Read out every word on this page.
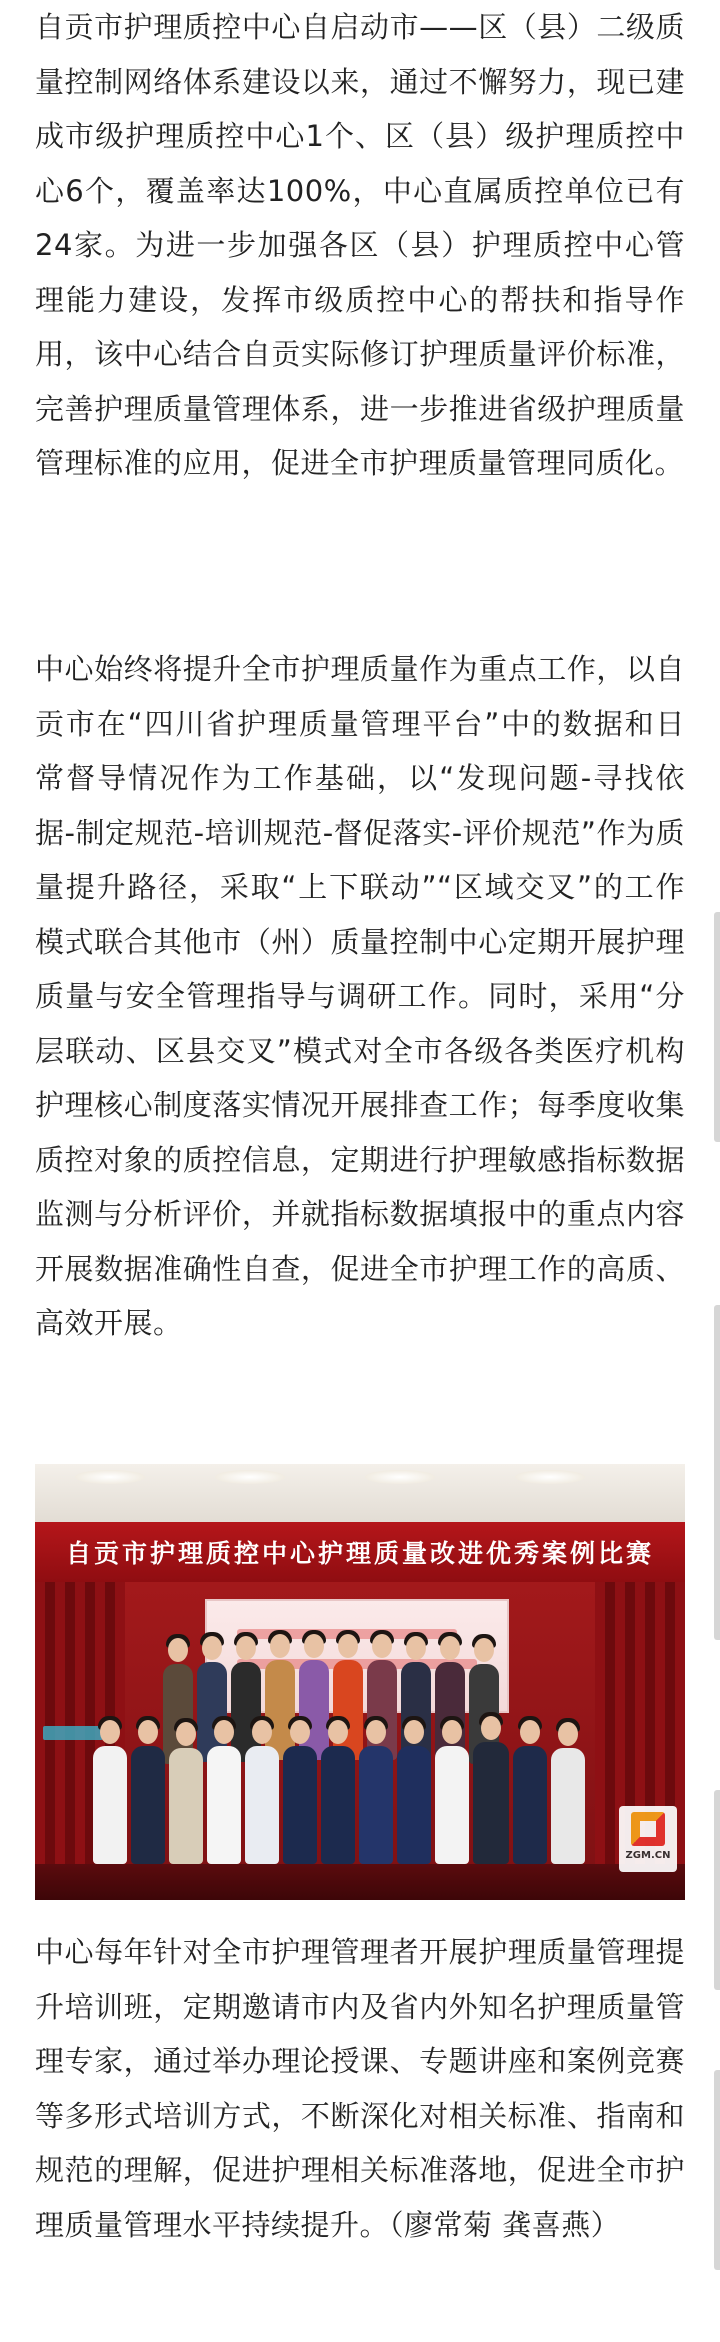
自贡市护理质控中心自启动市——区（县）二级质量控制网络体系建设以来，通过不懈努力，现已建成市级护理质控中心1个、区（县）级护理质控中心6个，覆盖率达100%，中心直属质控单位已有24家。为进一步加强各区（县）护理质控中心管理能力建设，发挥市级质控中心的帮扶和指导作用，该中心结合自贡实际修订护理质量评价标准，完善护理质量管理体系，进一步推进省级护理质量管理标准的应用，促进全市护理质量管理同质化。

中心始终将提升全市护理质量作为重点工作，以自贡市在“四川省护理质量管理平台”中的数据和日常督导情况作为工作基础，以“发现问题-寻找依据-制定规范-培训规范-督促落实-评价规范”作为质量提升路径，采取“上下联动”“区域交叉”的工作模式联合其他市（州）质量控制中心定期开展护理质量与安全管理指导与调研工作。同时，采用“分层联动、区县交叉”模式对全市各级各类医疗机构护理核心制度落实情况开展排查工作；每季度收集质控对象的质控信息，定期进行护理敏感指标数据监测与分析评价，并就指标数据填报中的重点内容开展数据准确性自查，促进全市护理工作的高质、高效开展。

中心每年针对全市护理管理者开展护理质量管理提升培训班，定期邀请市内及省内外知名护理质量管理专家，通过举办理论授课、专题讲座和案例竞赛等多形式培训方式，不断深化对相关标准、指南和规范的理解，促进护理相关标准落地，促进全市护理质量管理水平持续提升。（廖常菊 龚喜燕）

自贡市护理质控中心护理质量改进优秀案例比赛
ZGM.CN
